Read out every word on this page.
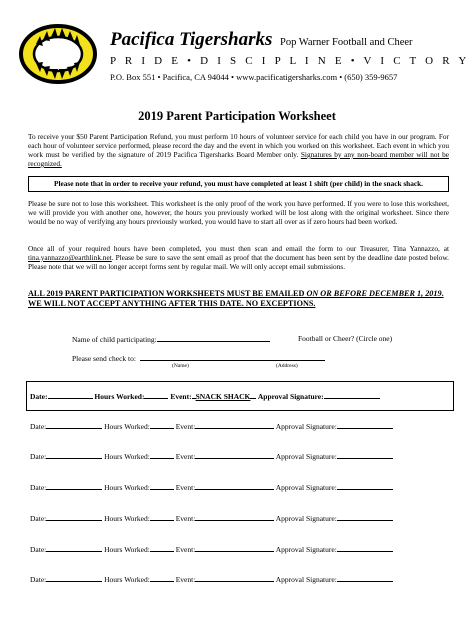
Pacifica Tigersharks Pop Warner Football and Cheer
P R I D E • D I S C I P L I N E • V I C T O R Y
P.O. Box 551 • Pacifica, CA 94044 • www.pacificatigersharks.com • (650) 359-9657
2019 Parent Participation Worksheet
To receive your $50 Parent Participation Refund, you must perform 10 hours of volunteer service for each child you have in our program. For each hour of volunteer service performed, please record the day and the event in which you worked on this worksheet. Each event in which you work must be verified by the signature of 2019 Pacifica Tigersharks Board Member only. Signatures by any non-board member will not be recognized.
Please note that in order to receive your refund, you must have completed at least 1 shift (per child) in the snack shack.
Please be sure not to lose this worksheet. This worksheet is the only proof of the work you have performed. If you were to lose this worksheet, we will provide you with another one, however, the hours you previously worked will be lost along with the original worksheet. Since there would be no way of verifying any hours previously worked, you would have to start all over as if zero hours had been worked.
Once all of your required hours have been completed, you must then scan and email the form to our Treasurer, Tina Yannazzo, at tina.yannazzo@earthlink.net. Please be sure to save the sent email as proof that the document has been sent by the deadline date posted below. Please note that we will no longer accept forms sent by regular mail. We will only accept email submissions.
ALL 2019 PARENT PARTICIPATION WORKSHEETS MUST BE EMAILED ON OR BEFORE DECEMBER 1, 2019. WE WILL NOT ACCEPT ANYTHING AFTER THIS DATE. NO EXCEPTIONS.
Name of child participating:	Football or Cheer? (Circle one)
Please send check to:
(Name)	(Address)
Date:	Hours Worked:	Event: SNACK SHACK Approval Signature:
Date:	Hours Worked:	Event:	Approval Signature:
Date:	Hours Worked:	Event:	Approval Signature:
Date:	Hours Worked:	Event:	Approval Signature:
Date:	Hours Worked:	Event:	Approval Signature:
Date:	Hours Worked:	Event:	Approval Signature:
Date:	Hours Worked:	Event:	Approval Signature:
